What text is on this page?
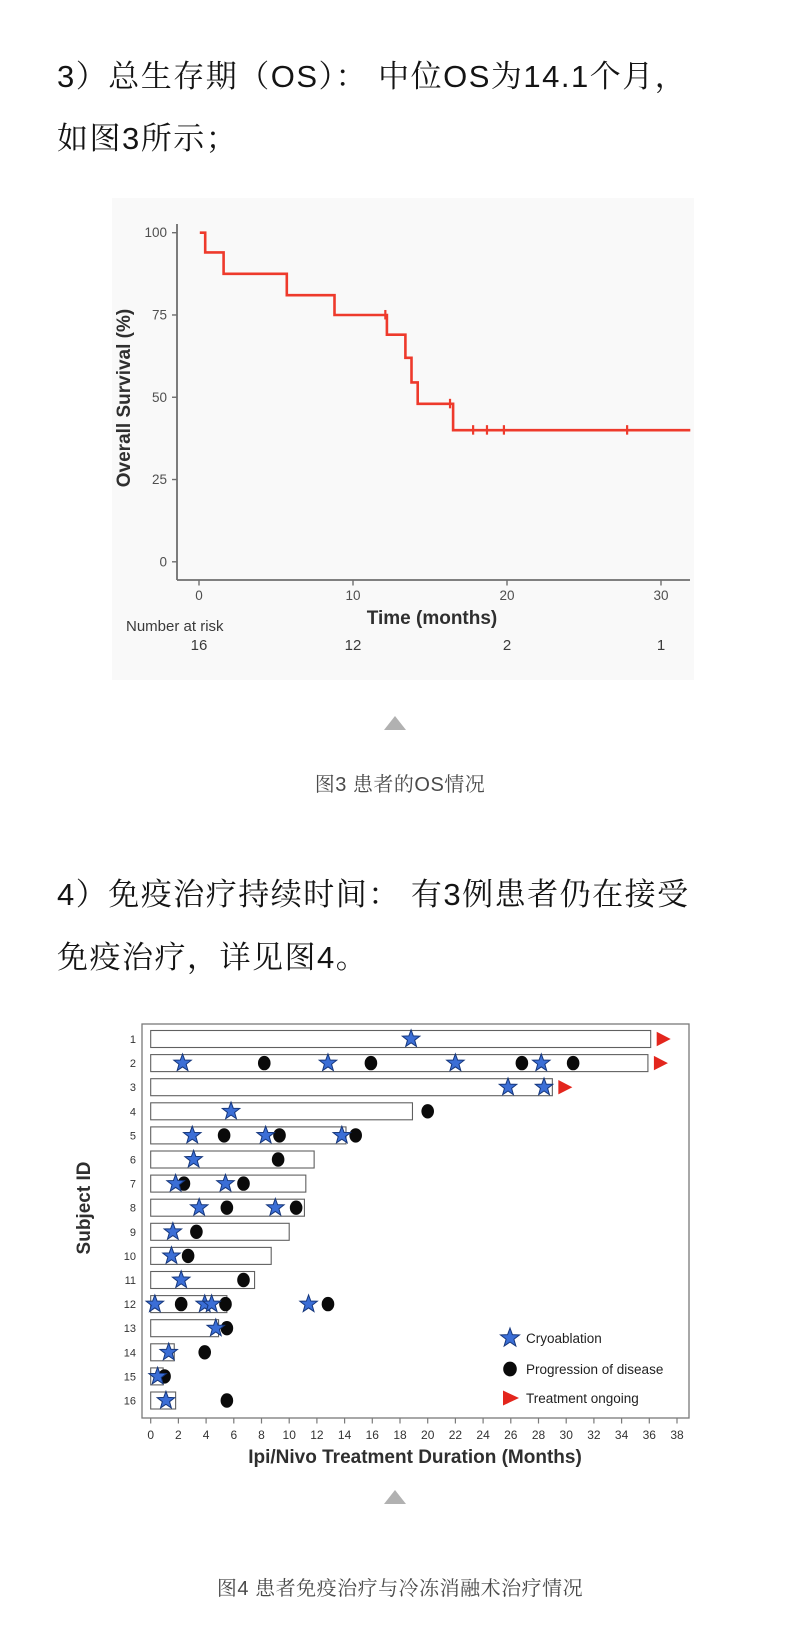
3）总生存期（OS）： 中位OS为14.1个月，

如图3所示；

100
75
50
25
0
0	10	20	30
Time (months)
Overall Survival (%)
Number at risk
16	12	2	1

图3 患者的OS情况

4）免疫治疗持续时间： 有3例患者仍在接受

免疫治疗，详见图4。

1
2
3
4
5
6
7
8
9
10
11
12
13
14
15
16
0 2 4 6 8 10 12 14 16 18 20 22 24 26 28 30 32 34 36 38
Ipi/Nivo Treatment Duration (Months)
Subject ID
Cryoablation
Progression of disease
Treatment ongoing

图4 患者免疫治疗与冷冻消融术治疗情况
